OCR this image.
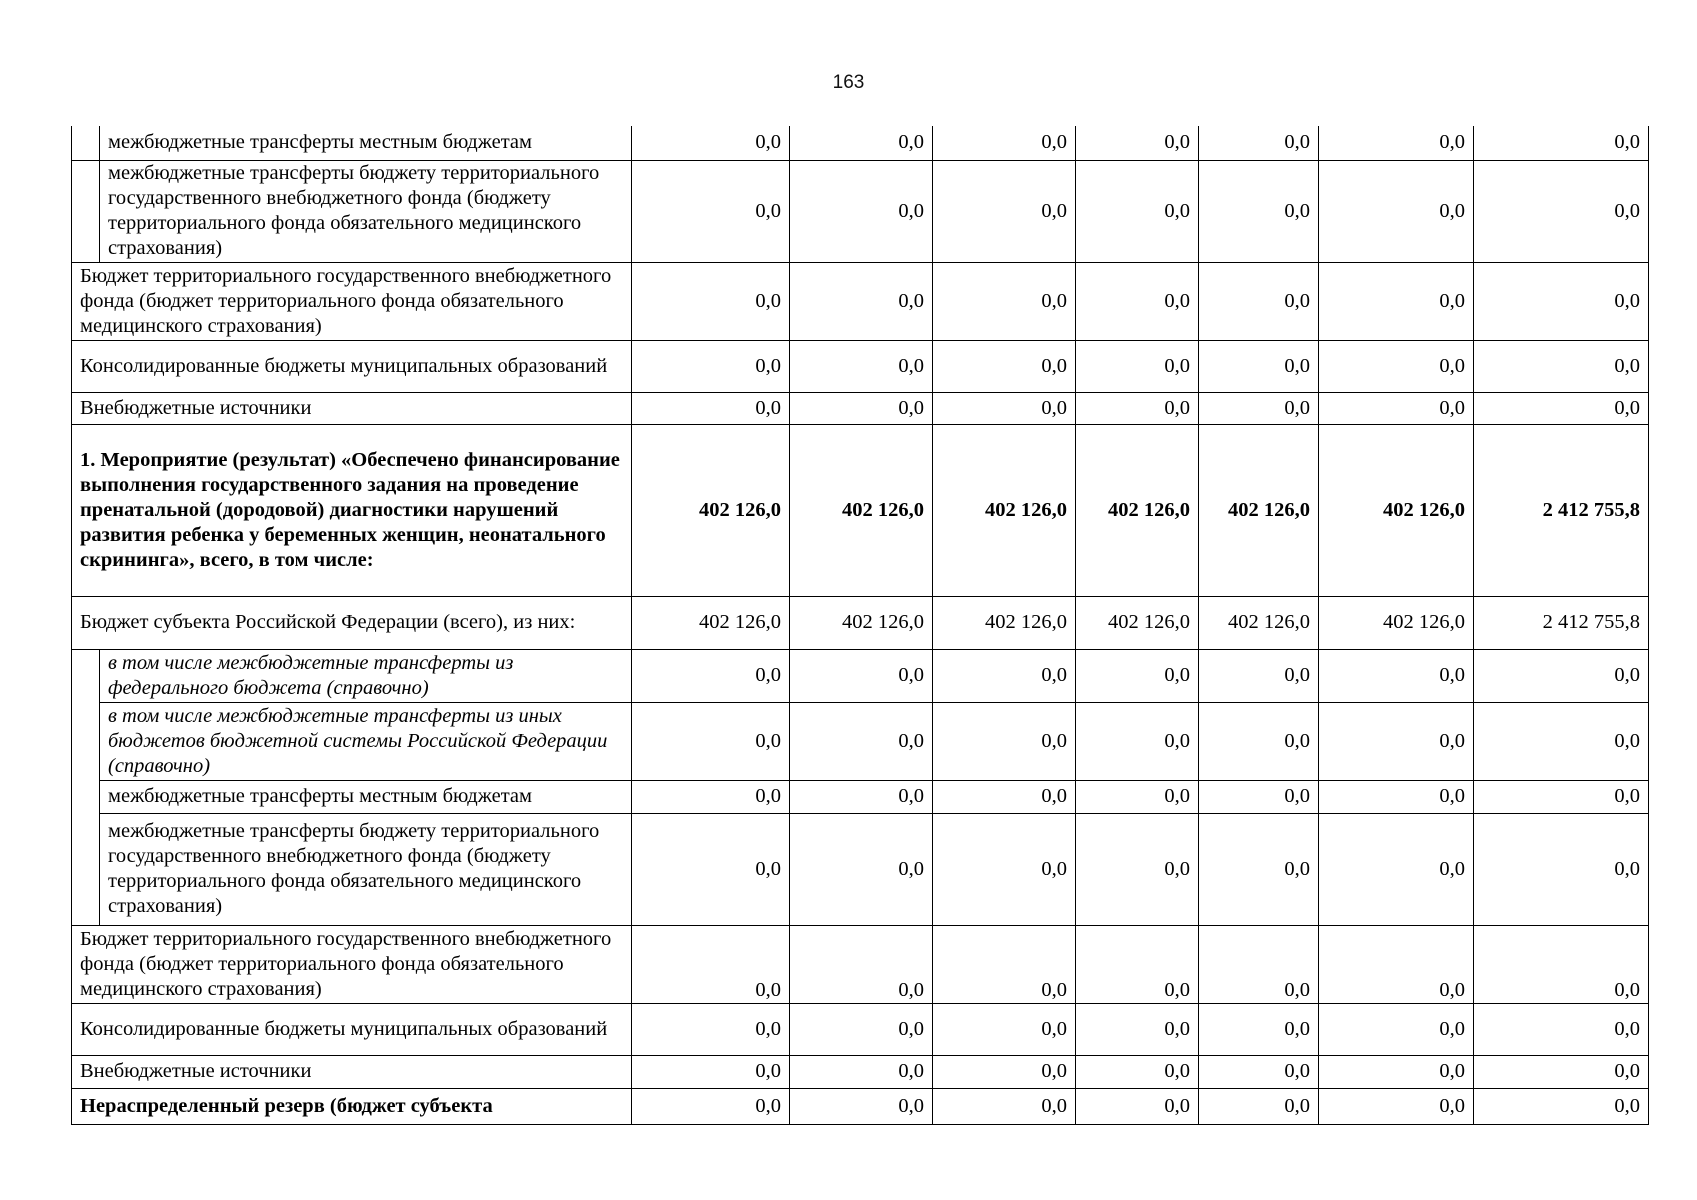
163
	межбюджетные трансферты местным бюджетам	0,0	0,0	0,0	0,0	0,0	0,0	0,0
	межбюджетные трансферты бюджету территориального государственного внебюджетного фонда (бюджету территориального фонда обязательного медицинского страхования)	0,0	0,0	0,0	0,0	0,0	0,0	0,0
Бюджет территориального государственного внебюджетного фонда (бюджет территориального фонда обязательного медицинского страхования)		0,0	0,0	0,0	0,0	0,0	0,0	0,0
Консолидированные бюджеты муниципальных образований		0,0	0,0	0,0	0,0	0,0	0,0	0,0
Внебюджетные источники		0,0	0,0	0,0	0,0	0,0	0,0	0,0
1. Мероприятие (результат) «Обеспечено финансирование выполнения государственного задания на проведение пренатальной (дородовой) диагностики нарушений развития ребенка у беременных женщин, неонатального скрининга», всего, в том числе:		402 126,0	402 126,0	402 126,0	402 126,0	402 126,0	402 126,0	2 412 755,8
Бюджет субъекта Российской Федерации (всего), из них:		402 126,0	402 126,0	402 126,0	402 126,0	402 126,0	402 126,0	2 412 755,8
	в том числе межбюджетные трансферты из федерального бюджета (справочно)	0,0	0,0	0,0	0,0	0,0	0,0	0,0
	в том числе межбюджетные трансферты из иных бюджетов бюджетной системы Российской Федерации (справочно)	0,0	0,0	0,0	0,0	0,0	0,0	0,0
	межбюджетные трансферты местным бюджетам	0,0	0,0	0,0	0,0	0,0	0,0	0,0
	межбюджетные трансферты бюджету территориального государственного внебюджетного фонда (бюджету территориального фонда обязательного медицинского страхования)	0,0	0,0	0,0	0,0	0,0	0,0	0,0
Бюджет территориального государственного внебюджетного фонда (бюджет территориального фонда обязательного медицинского страхования)		0,0	0,0	0,0	0,0	0,0	0,0	0,0
Консолидированные бюджеты муниципальных образований		0,0	0,0	0,0	0,0	0,0	0,0	0,0
Внебюджетные источники		0,0	0,0	0,0	0,0	0,0	0,0	0,0
Нераспределенный резерв (бюджет субъекта		0,0	0,0	0,0	0,0	0,0	0,0	0,0
